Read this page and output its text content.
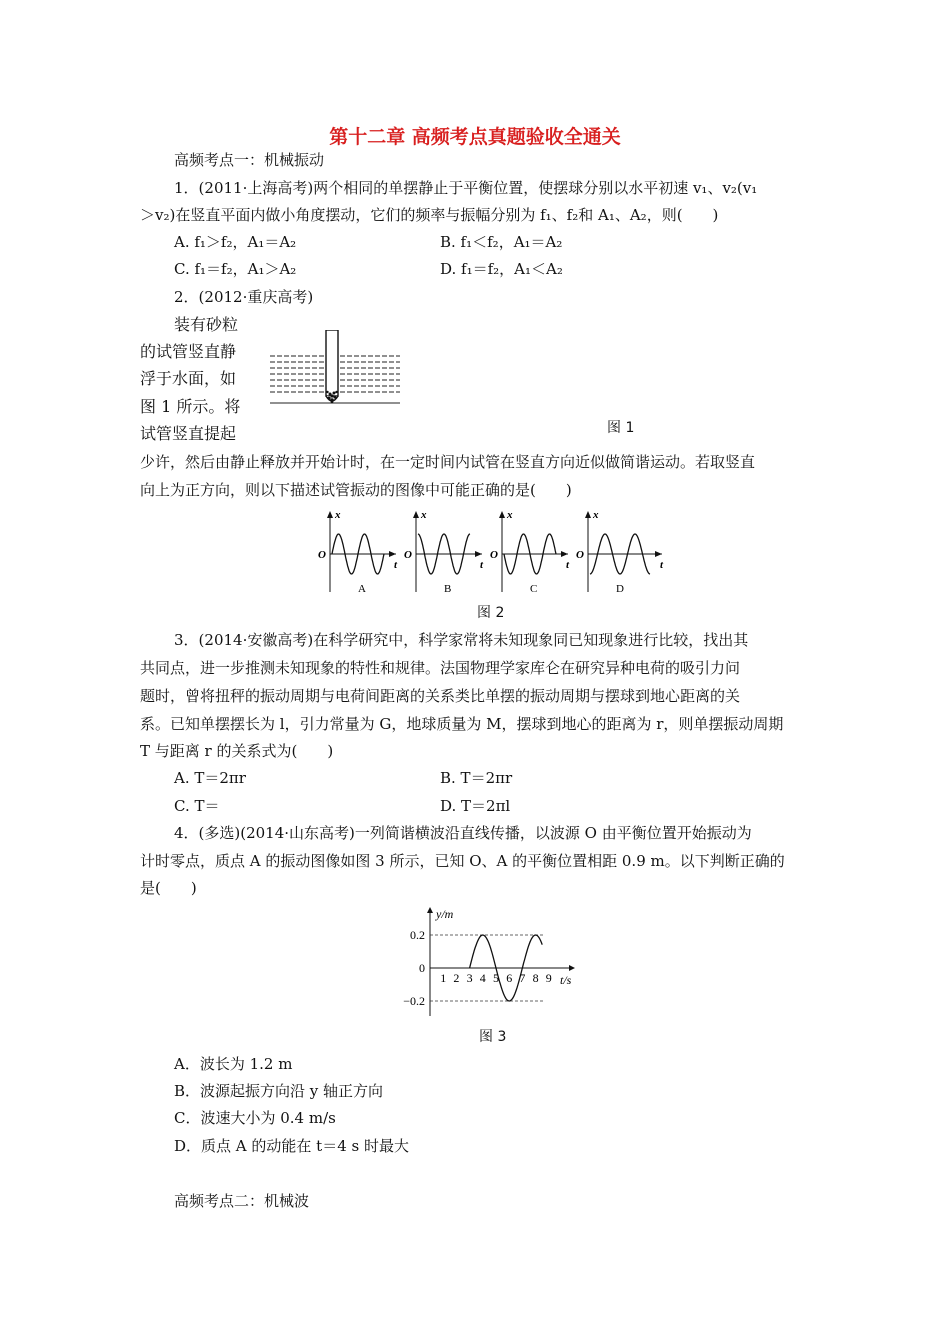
第十二章 高频考点真题验收全通关
高频考点一：机械振动
1．(2011·上海高考)两个相同的单摆静止于平衡位置，使摆球分别以水平初速 v₁、v₂(v₁
＞v₂)在竖直平面内做小角度摆动，它们的频率与振幅分别为 f₁、f₂和 A₁、A₂，则(　　)
A. f₁＞f₂，A₁＝A₂	B. f₁＜f₂，A₁＝A₂
C. f₁＝f₂，A₁＞A₂	D. f₁＝f₂，A₁＜A₂
2．(2012·重庆高考)
装有砂粒
的试管竖直静
浮于水面，如
图 1 所示。将
试管竖直提起	图 1
少许，然后由静止释放并开始计时，在一定时间内试管在竖直方向近似做简谐运动。若取竖直
向上为正方向，则以下描述试管振动的图像中可能正确的是(　　)
x
t
O
A
x
t
O
B
x
t
O
C
x
t
O
D
图 2
3．(2014·安徽高考)在科学研究中，科学家常将未知现象同已知现象进行比较，找出其
共同点，进一步推测未知现象的特性和规律。法国物理学家库仑在研究异种电荷的吸引力问
题时，曾将扭秤的振动周期与电荷间距离的关系类比单摆的振动周期与摆球到地心距离的关
系。已知单摆摆长为 l，引力常量为 G，地球质量为 M，摆球到地心的距离为 r，则单摆振动周期
T 与距离 r 的关系式为(　　)
A. T＝2πr	B. T＝2πr
C. T＝	D. T＝2πl
4．(多选)(2014·山东高考)一列简谐横波沿直线传播，以波源 O 由平衡位置开始振动为
计时零点，质点 A 的振动图像如图 3 所示，已知 O、A 的平衡位置相距 0.9 m。以下判断正确的
是(　　)
y/m
0.2
0
−0.2
1 2 3 4 5 6 7 8 9 t/s
图 3
A．波长为 1.2 m
B．波源起振方向沿 y 轴正方向
C．波速大小为 0.4 m/s
D．质点 A 的动能在 t＝4 s 时最大
高频考点二：机械波
